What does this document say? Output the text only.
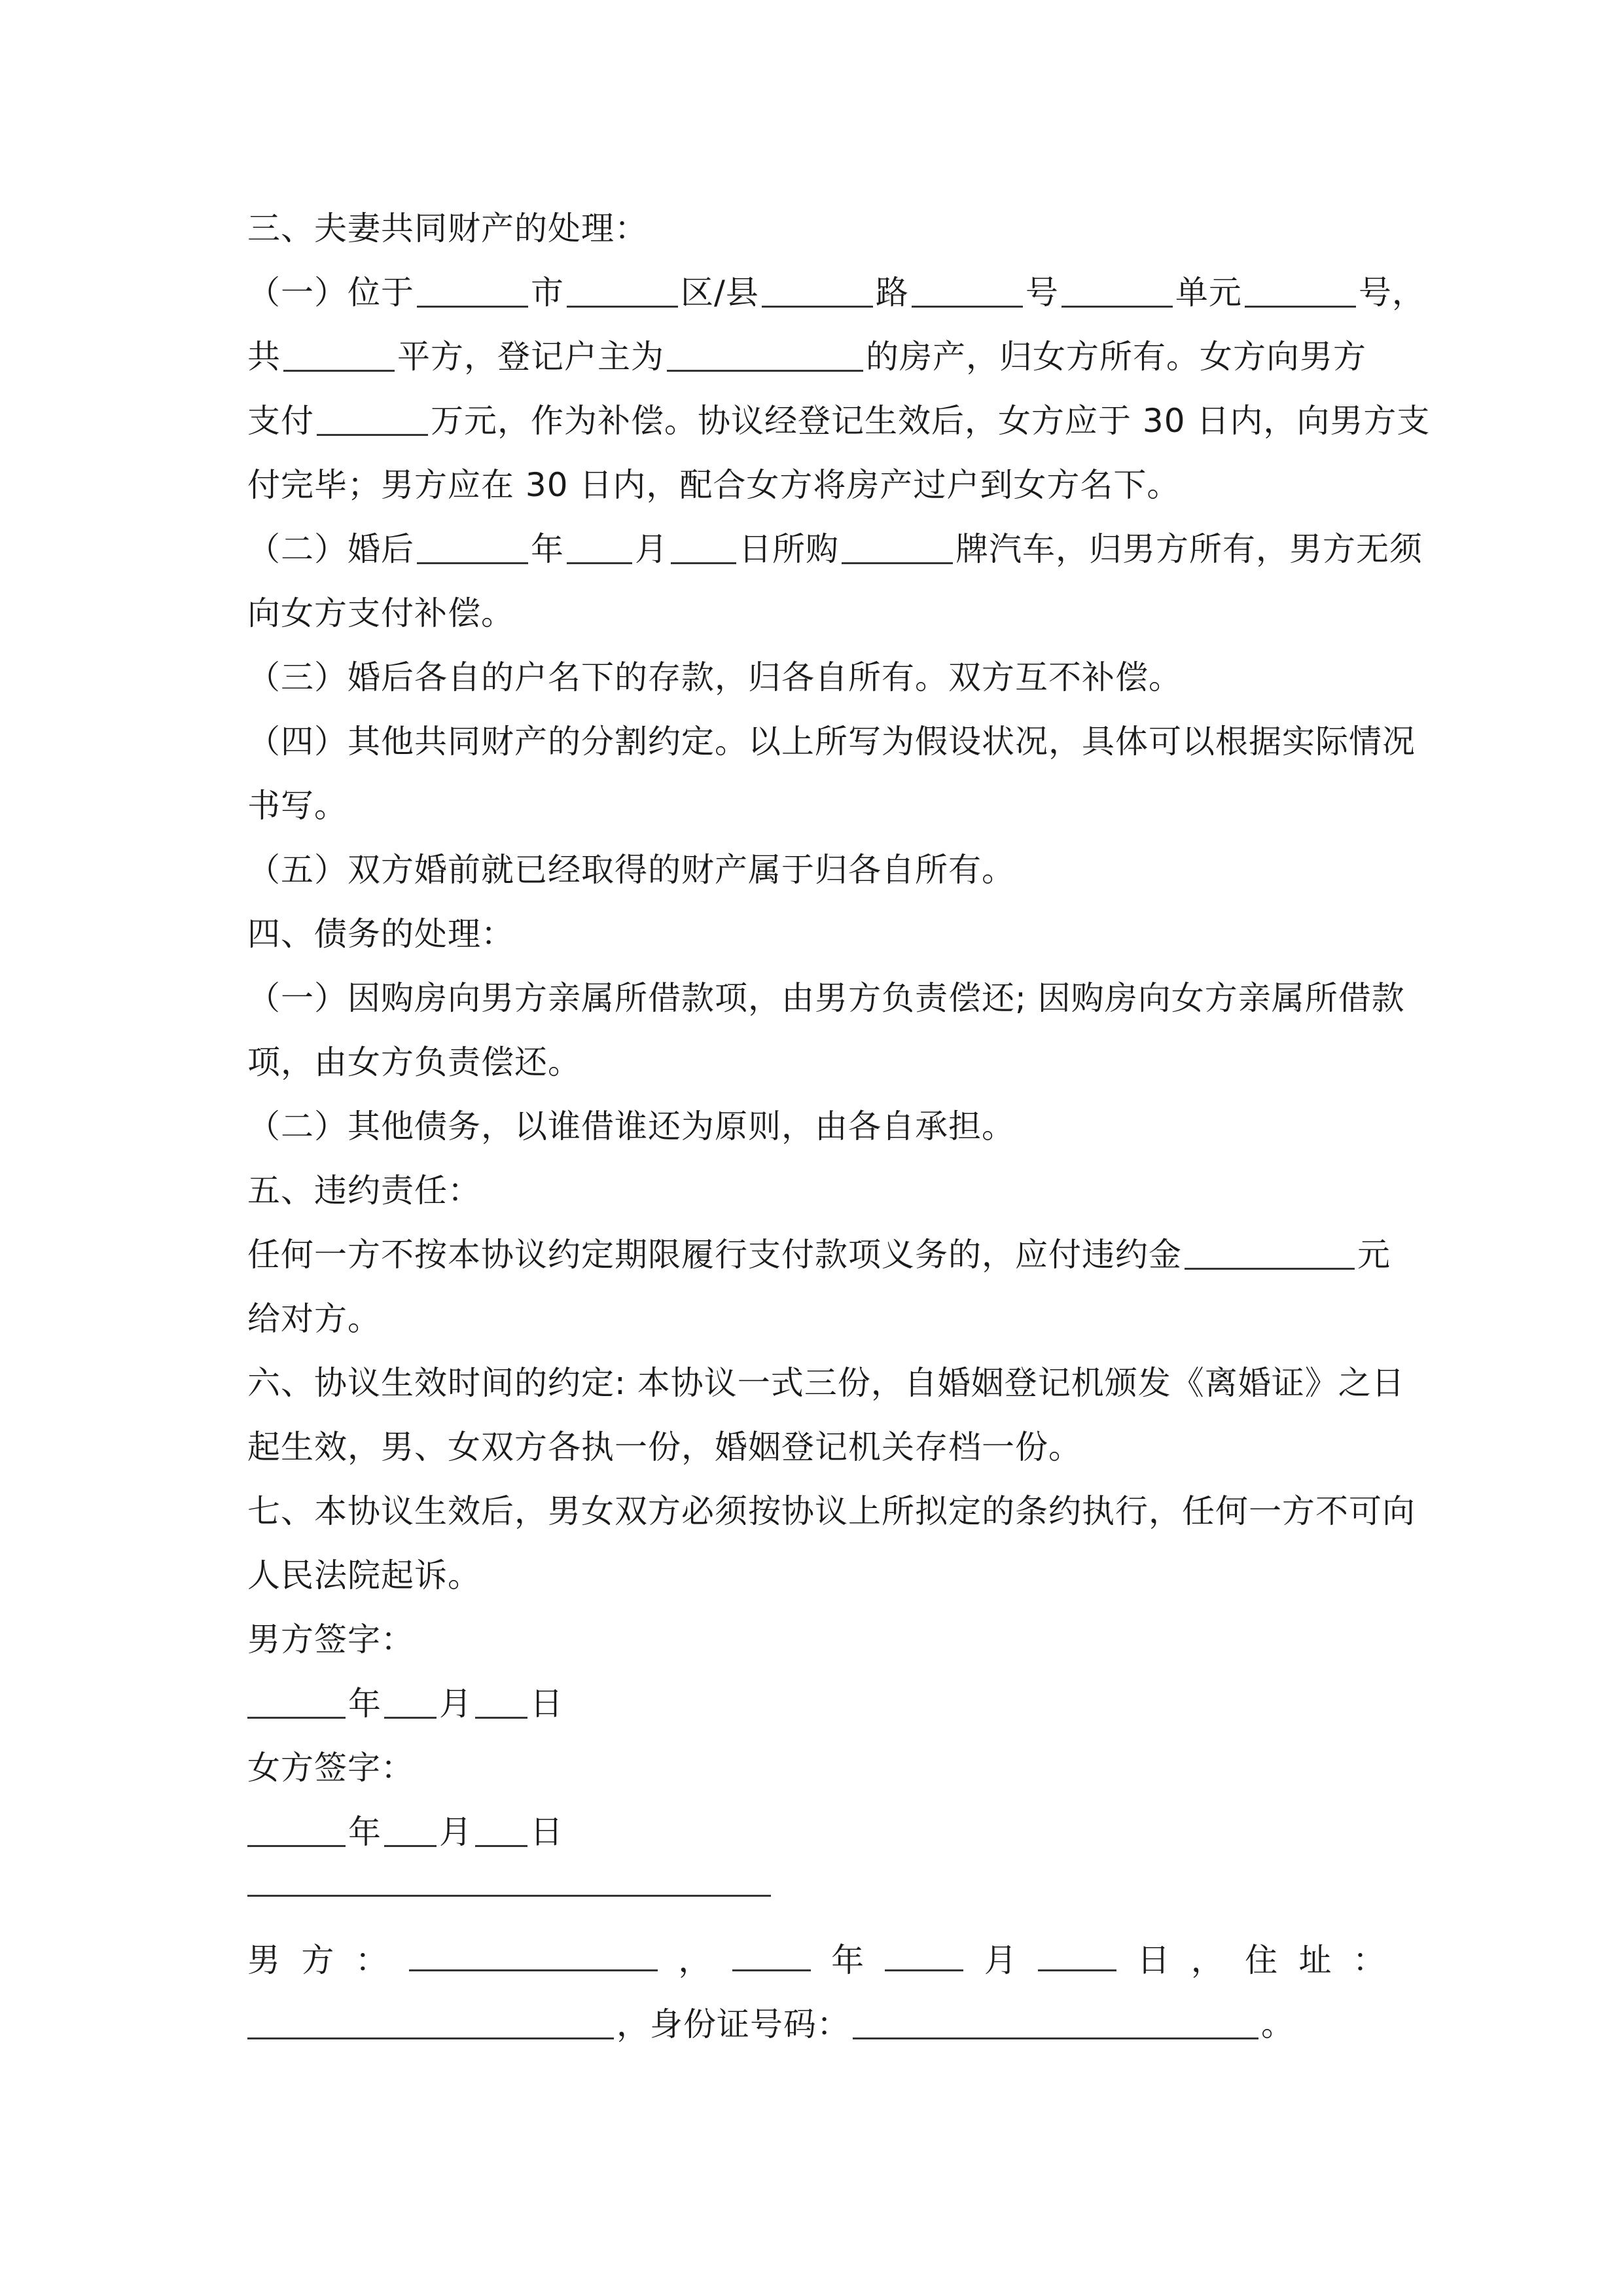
三、夫妻共同财产的处理：
（一）位于	市	区/县	路	号	单元	号，
共	平方，登记户主为	的房产，归女方所有。女方向男方
支付	万元，作为补偿。协议经登记生效后，女方应于 30 日内，向男方支
付完毕；男方应在 30 日内，配合女方将房产过户到女方名下。
（二）婚后	年 月 日所购	牌汽车，归男方所有，男方无须
向女方支付补偿。
（三）婚后各自的户名下的存款，归各自所有。双方互不补偿。
（四）其他共同财产的分割约定。以上所写为假设状况，具体可以根据实际情况
书写。
（五）双方婚前就已经取得的财产属于归各自所有。
四、债务的处理：
（一）因购房向男方亲属所借款项，由男方负责偿还; 因购房向女方亲属所借款
项，由女方负责偿还。
（二）其他债务，以谁借谁还为原则，由各自承担。
五、违约责任：
任何一方不按本协议约定期限履行支付款项义务的，应付违约金	元
给对方。
六、协议生效时间的约定: 本协议一式三份，自婚姻登记机颁发《离婚证》之日
起生效，男、女双方各执一份，婚姻登记机关存档一份。
七、本协议生效后，男女双方必须按协议上所拟定的条约执行，任何一方不可向
人民法院起诉。
男方签字：
年 月 日
女方签字：
年 月 日
男 方 ：	，	年	月	日 ， 住 址 ：
，身份证号码：	。
